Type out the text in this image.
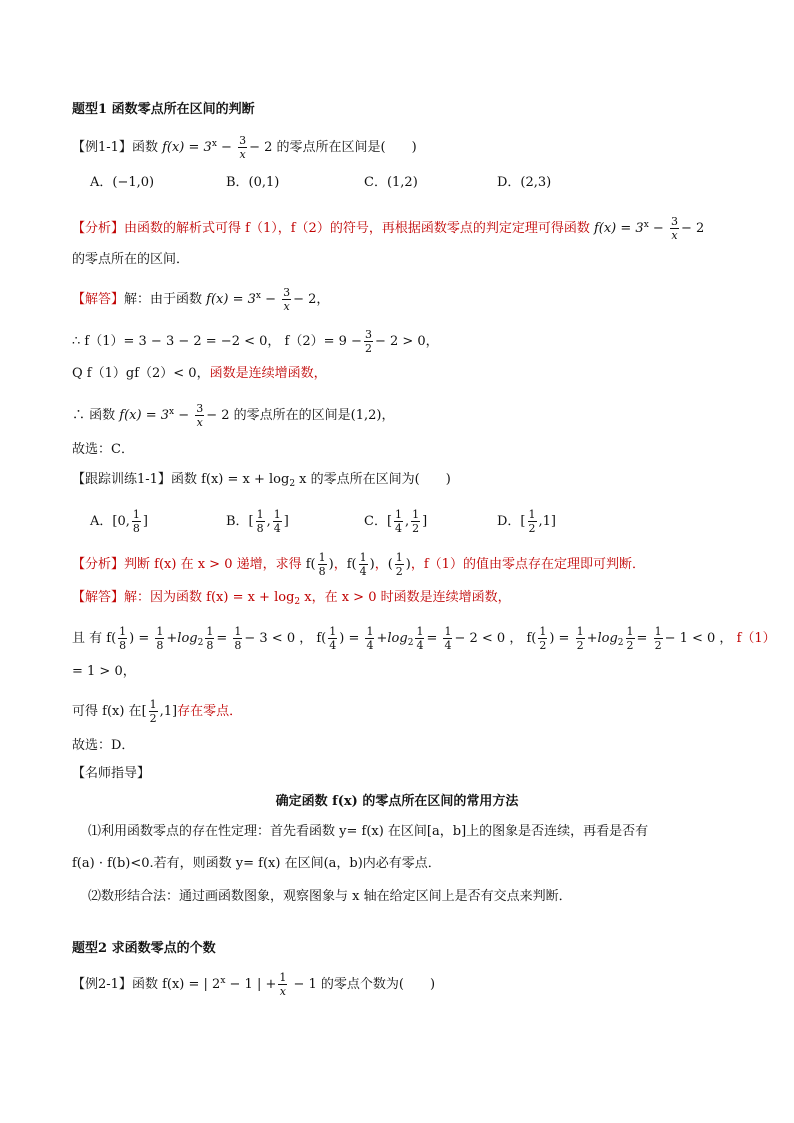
题型1 函数零点所在区间的判断
【例1-1】函数 $f(x) = 3^x - \frac{3}{x} - 2$ 的零点所在区间是(　　)
A．(−1,0)	B．(0,1)	C．(1,2)	D．(2,3)
【分析】由函数的解析式可得 f（1），f（2）的符号，再根据函数零点的判定定理可得函数 $f(x) = 3^x - \frac{3}{x} - 2$
的零点所在的区间．
【解答】解：由于函数 $f(x) = 3^x - \frac{3}{x} - 2$，
∴ f（1）= 3 − 3 − 2 = −2 < 0， $f(2)= 9 - \frac{3}{2} - 2 > 0$，
Q f（1）gf（2）< 0，函数是连续增函数，
∴ 函数 $f(x) = 3^x - \frac{3}{x} - 2$ 的零点所在的区间是(1,2)，
故选：C．
【跟踪训练1-1】函数 $f(x) = x + \log_2 x$ 的零点所在区间为(　　)
A．[0, $\frac{1}{8}$ ]	B．[ $\frac{1}{8}$ , $\frac{1}{4}$ ]	C．[ $\frac{1}{4}$ , $\frac{1}{2}$ ]	D．[ $\frac{1}{2} ,1$]
【分析】判断 f(x) 在 x > 0 递增，求得 $f( \frac{1}{8}$ )，$f( \frac{1}{4}$ )，( $\frac{1}{2}$ )，f（1）的值由零点存在定理即可判断．
【解答】解：因为函数 $f(x) = x + \log_2 x$，在 x > 0 时函数是连续增函数，
且 有 $f( \frac{1}{8}$ ) = $\frac{1}{8} +\log_2 \frac{1}{8} = \frac{1}{8} - 3 < 0$ ， $f( \frac{1}{4}$ ) = $\frac{1}{4} +\log_2 \frac{1}{4} = \frac{1}{4} - 2 < 0$ ， $f( \frac{1}{2}$ ) = $\frac{1}{2} +\log_2 \frac{1}{2} = \frac{1}{2} - 1 < 0$ ， f（1）
= 1 > 0，
可得 f(x) 在[ $\frac{1}{2} ,1$]存在零点．
故选：D．
【名师指导】
确定函数 f(x) 的零点所在区间的常用方法
⑴利用函数零点的存在性定理：首先看函数 y= f(x) 在区间[a，b]上的图象是否连续，再看是否有
f(a) · f(b)<0.若有，则函数 y= f(x) 在区间(a，b)内必有零点．
⑵数形结合法：通过画函数图象，观察图象与 x 轴在给定区间上是否有交点来判断．
题型2 求函数零点的个数
【例2-1】函数 f(x) = | $2^x - 1$ | + $\frac{1}{x} - 1$ 的零点个数为(　　)
